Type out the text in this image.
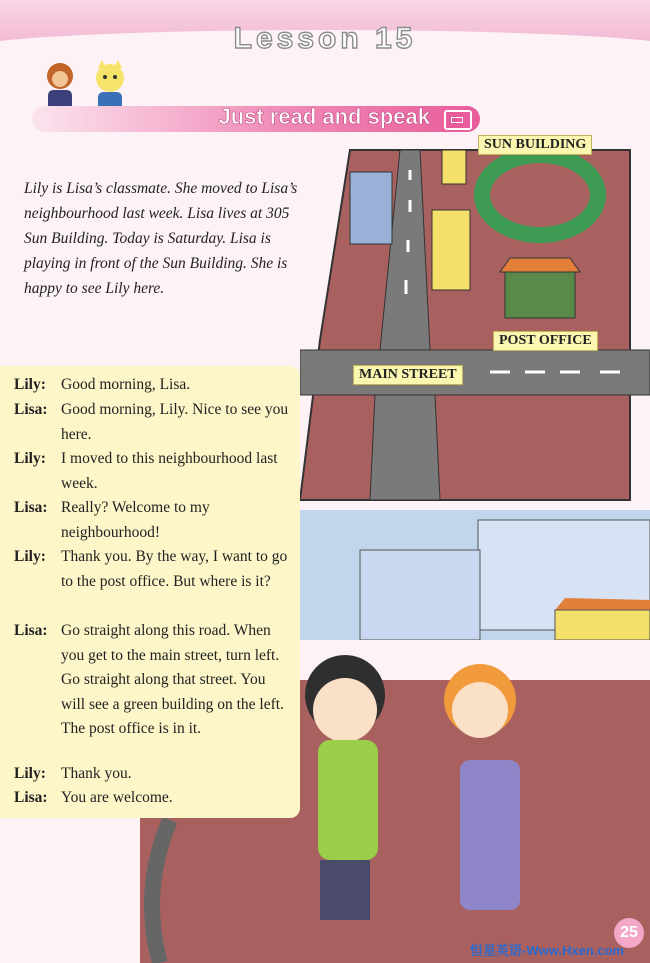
Lesson 15
Just read and speak
Lily is Lisa’s classmate. She moved to Lisa’s neighbourhood last week. Lisa lives at 305 Sun Building. Today is Saturday. Lisa is playing in front of the Sun Building. She is happy to see Lily here.
SUN BUILDING
POST OFFICE
MAIN STREET
Lily: Good morning, Lisa.
Lisa: Good morning, Lily. Nice to see you here.
Lily: I moved to this neighbourhood last week.
Lisa: Really? Welcome to my neighbourhood!
Lily: Thank you. By the way, I want to go to the post office. But where is it?
Lisa: Go straight along this road. When you get to the main street, turn left. Go straight along that street. You will see a green building on the left. The post office is in it.
Lily: Thank you.
Lisa: You are welcome.
25
恒星英语-Www.Hxen.com
